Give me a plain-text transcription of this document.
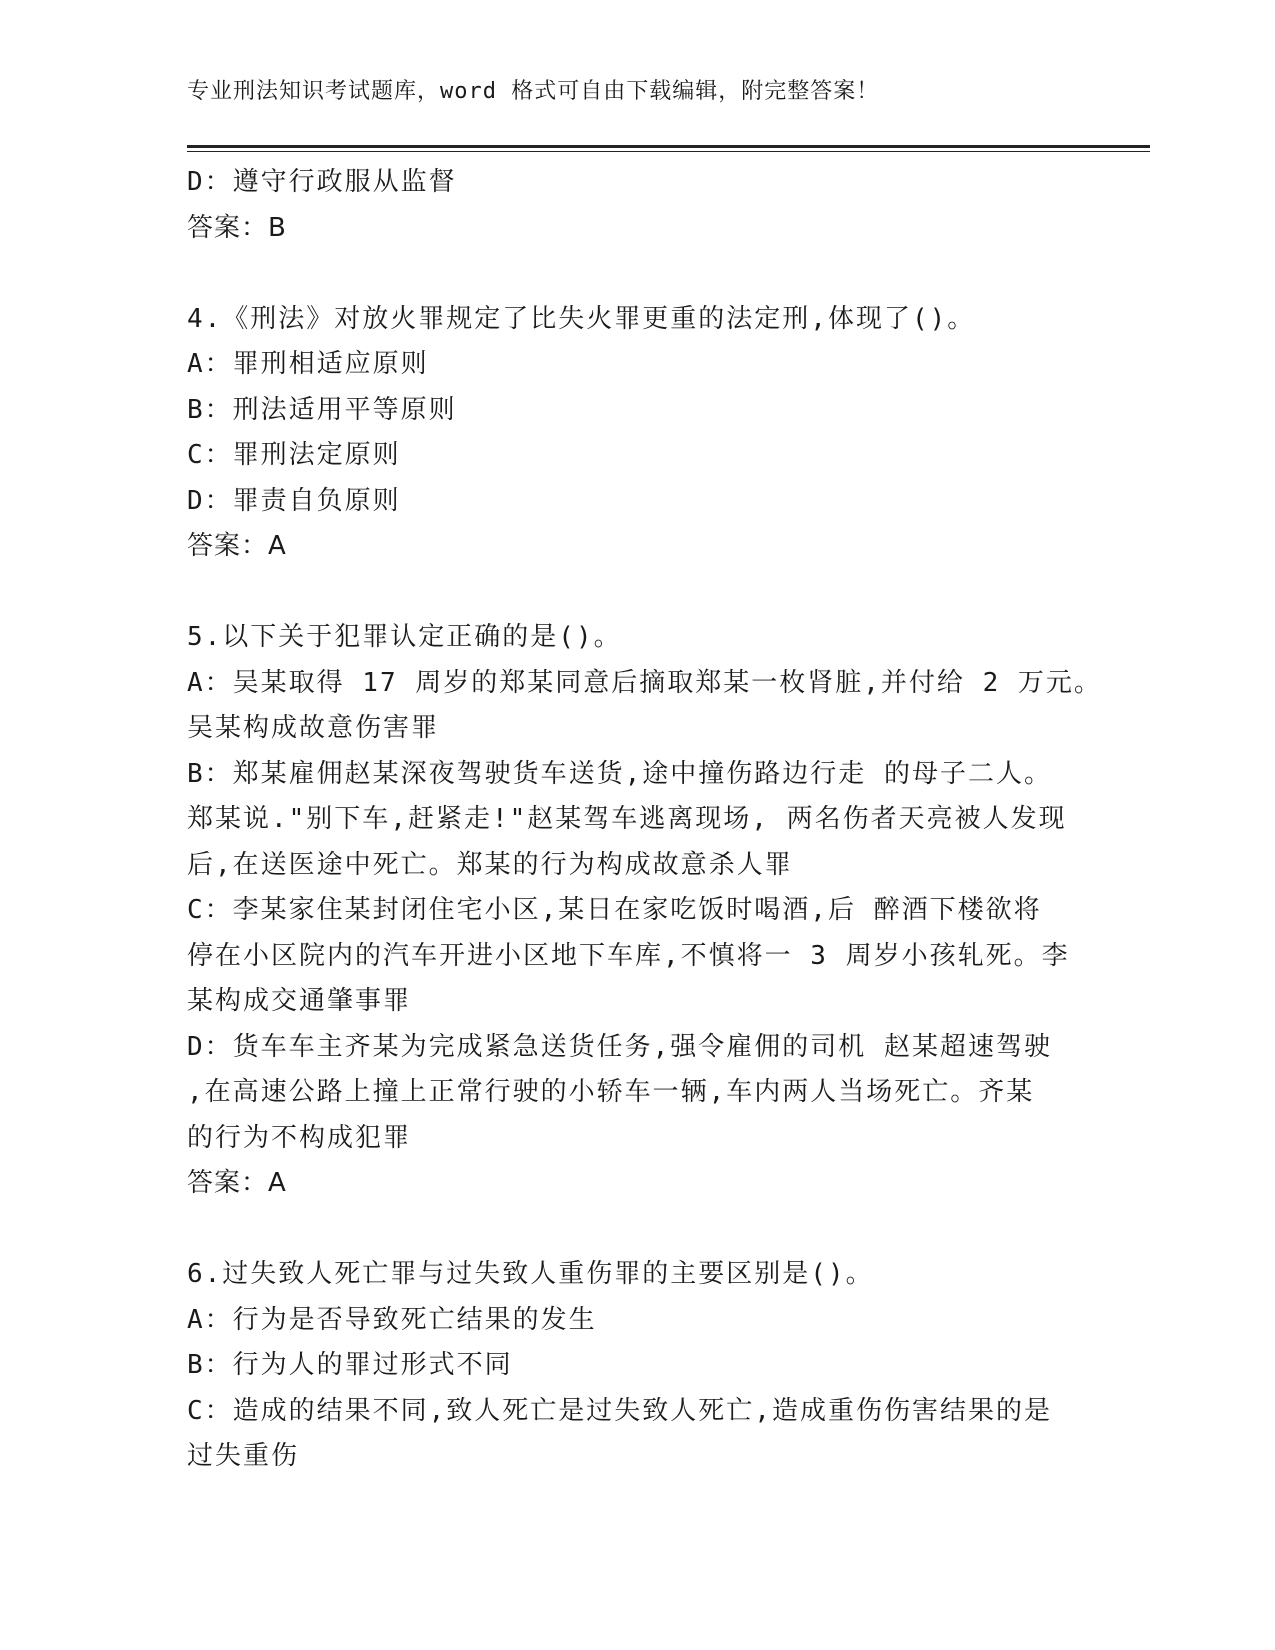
专业刑法知识考试题库，word 格式可自由下载编辑，附完整答案！
D：遵守行政服从监督
答案：B
4.《刑法》对放火罪规定了比失火罪更重的法定刑,体现了()。
A：罪刑相适应原则
B：刑法适用平等原则
C：罪刑法定原则
D：罪责自负原则
答案：A
5.以下关于犯罪认定正确的是()。
A：吴某取得 17 周岁的郑某同意后摘取郑某一枚肾脏,并付给 2 万元。
吴某构成故意伤害罪
B：郑某雇佣赵某深夜驾驶货车送货,途中撞伤路边行走 的母子二人。
郑某说."别下车,赶紧走!"赵某驾车逃离现场, 两名伤者天亮被人发现
后,在送医途中死亡。郑某的行为构成故意杀人罪
C：李某家住某封闭住宅小区,某日在家吃饭时喝酒,后 醉酒下楼欲将
停在小区院内的汽车开进小区地下车库,不慎将一 3 周岁小孩轧死。李
某构成交通肇事罪
D：货车车主齐某为完成紧急送货任务,强令雇佣的司机 赵某超速驾驶
,在高速公路上撞上正常行驶的小轿车一辆,车内两人当场死亡。齐某
的行为不构成犯罪
答案：A
6.过失致人死亡罪与过失致人重伤罪的主要区别是()。
A：行为是否导致死亡结果的发生
B：行为人的罪过形式不同
C：造成的结果不同,致人死亡是过失致人死亡,造成重伤伤害结果的是
过失重伤
